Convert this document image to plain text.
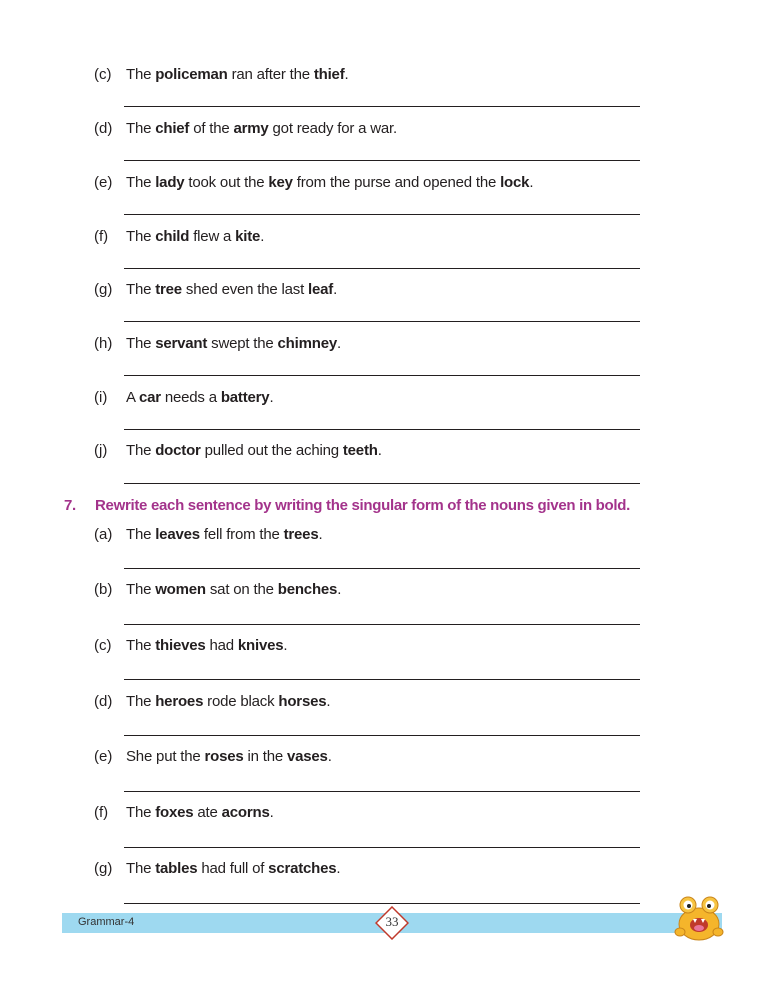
(c) The policeman ran after the thief.
(d) The chief of the army got ready for a war.
(e) The lady took out the key from the purse and opened the lock.
(f) The child flew a kite.
(g) The tree shed even the last leaf.
(h) The servant swept the chimney.
(i) A car needs a battery.
(j) The doctor pulled out the aching teeth.
7. Rewrite each sentence by writing the singular form of the nouns given in bold.
(a) The leaves fell from the trees.
(b) The women sat on the benches.
(c) The thieves had knives.
(d) The heroes rode black horses.
(e) She put the roses in the vases.
(f) The foxes ate acorns.
(g) The tables had full of scratches.
Grammar-4	33
